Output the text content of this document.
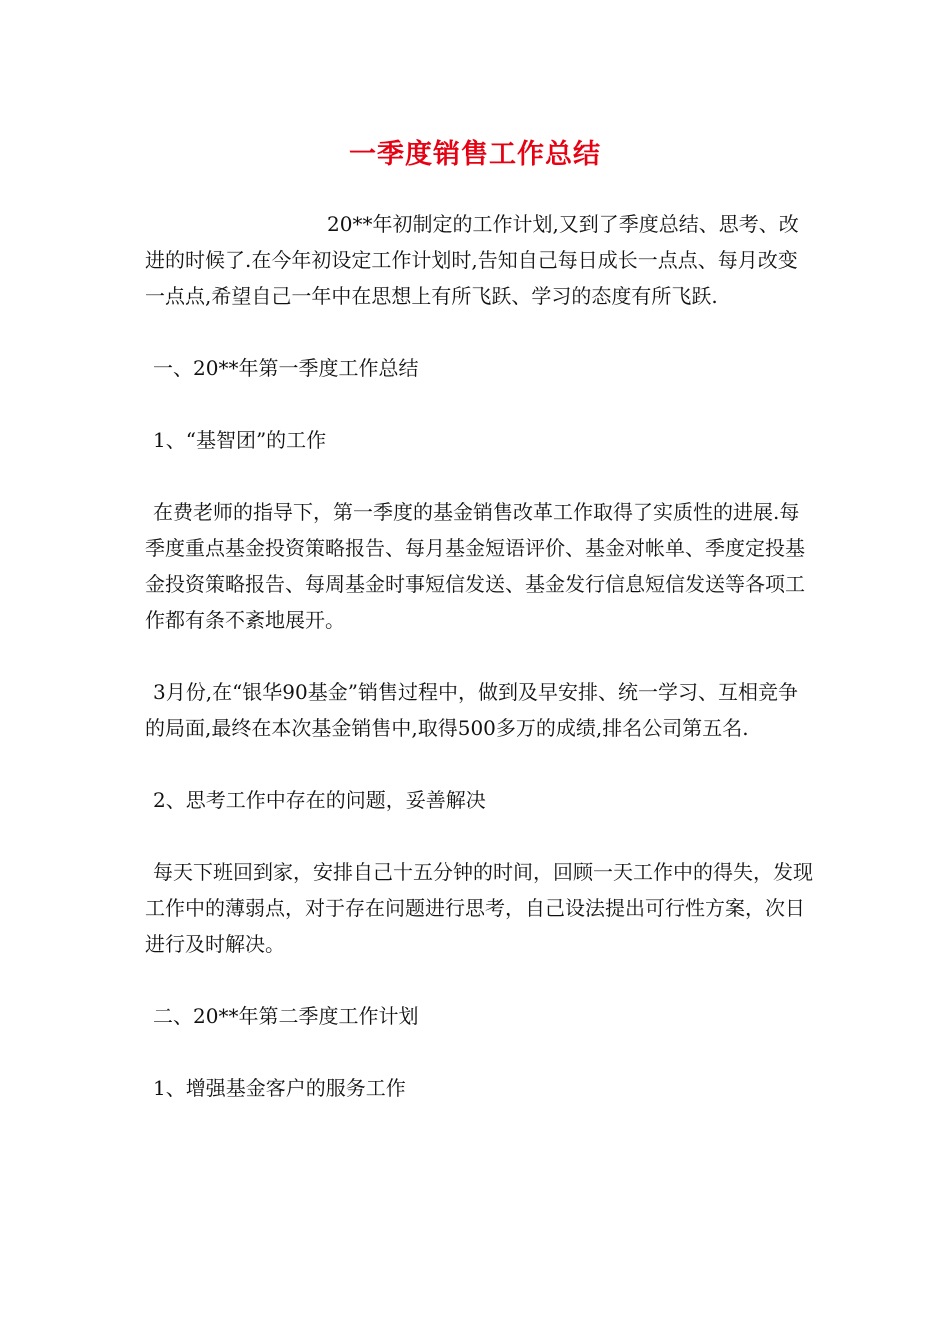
一季度销售工作总结

20**年初制定的工作计划,又到了季度总结、思考、改进的时候了.在今年初设定工作计划时,告知自己每日成长一点点、每月改变一点点,希望自己一年中在思想上有所飞跃、学习的态度有所飞跃.

一、20**年第一季度工作总结

1、“基智团”的工作

在费老师的指导下，第一季度的基金销售改革工作取得了实质性的进展.每季度重点基金投资策略报告、每月基金短语评价、基金对帐单、季度定投基金投资策略报告、每周基金时事短信发送、基金发行信息短信发送等各项工作都有条不紊地展开。

3月份,在“银华90基金”销售过程中，做到及早安排、统一学习、互相竞争的局面,最终在本次基金销售中,取得500多万的成绩,排名公司第五名.

2、思考工作中存在的问题，妥善解决

每天下班回到家，安排自己十五分钟的时间，回顾一天工作中的得失，发现工作中的薄弱点，对于存在问题进行思考，自己设法提出可行性方案，次日进行及时解决。

二、20**年第二季度工作计划

1、增强基金客户的服务工作
